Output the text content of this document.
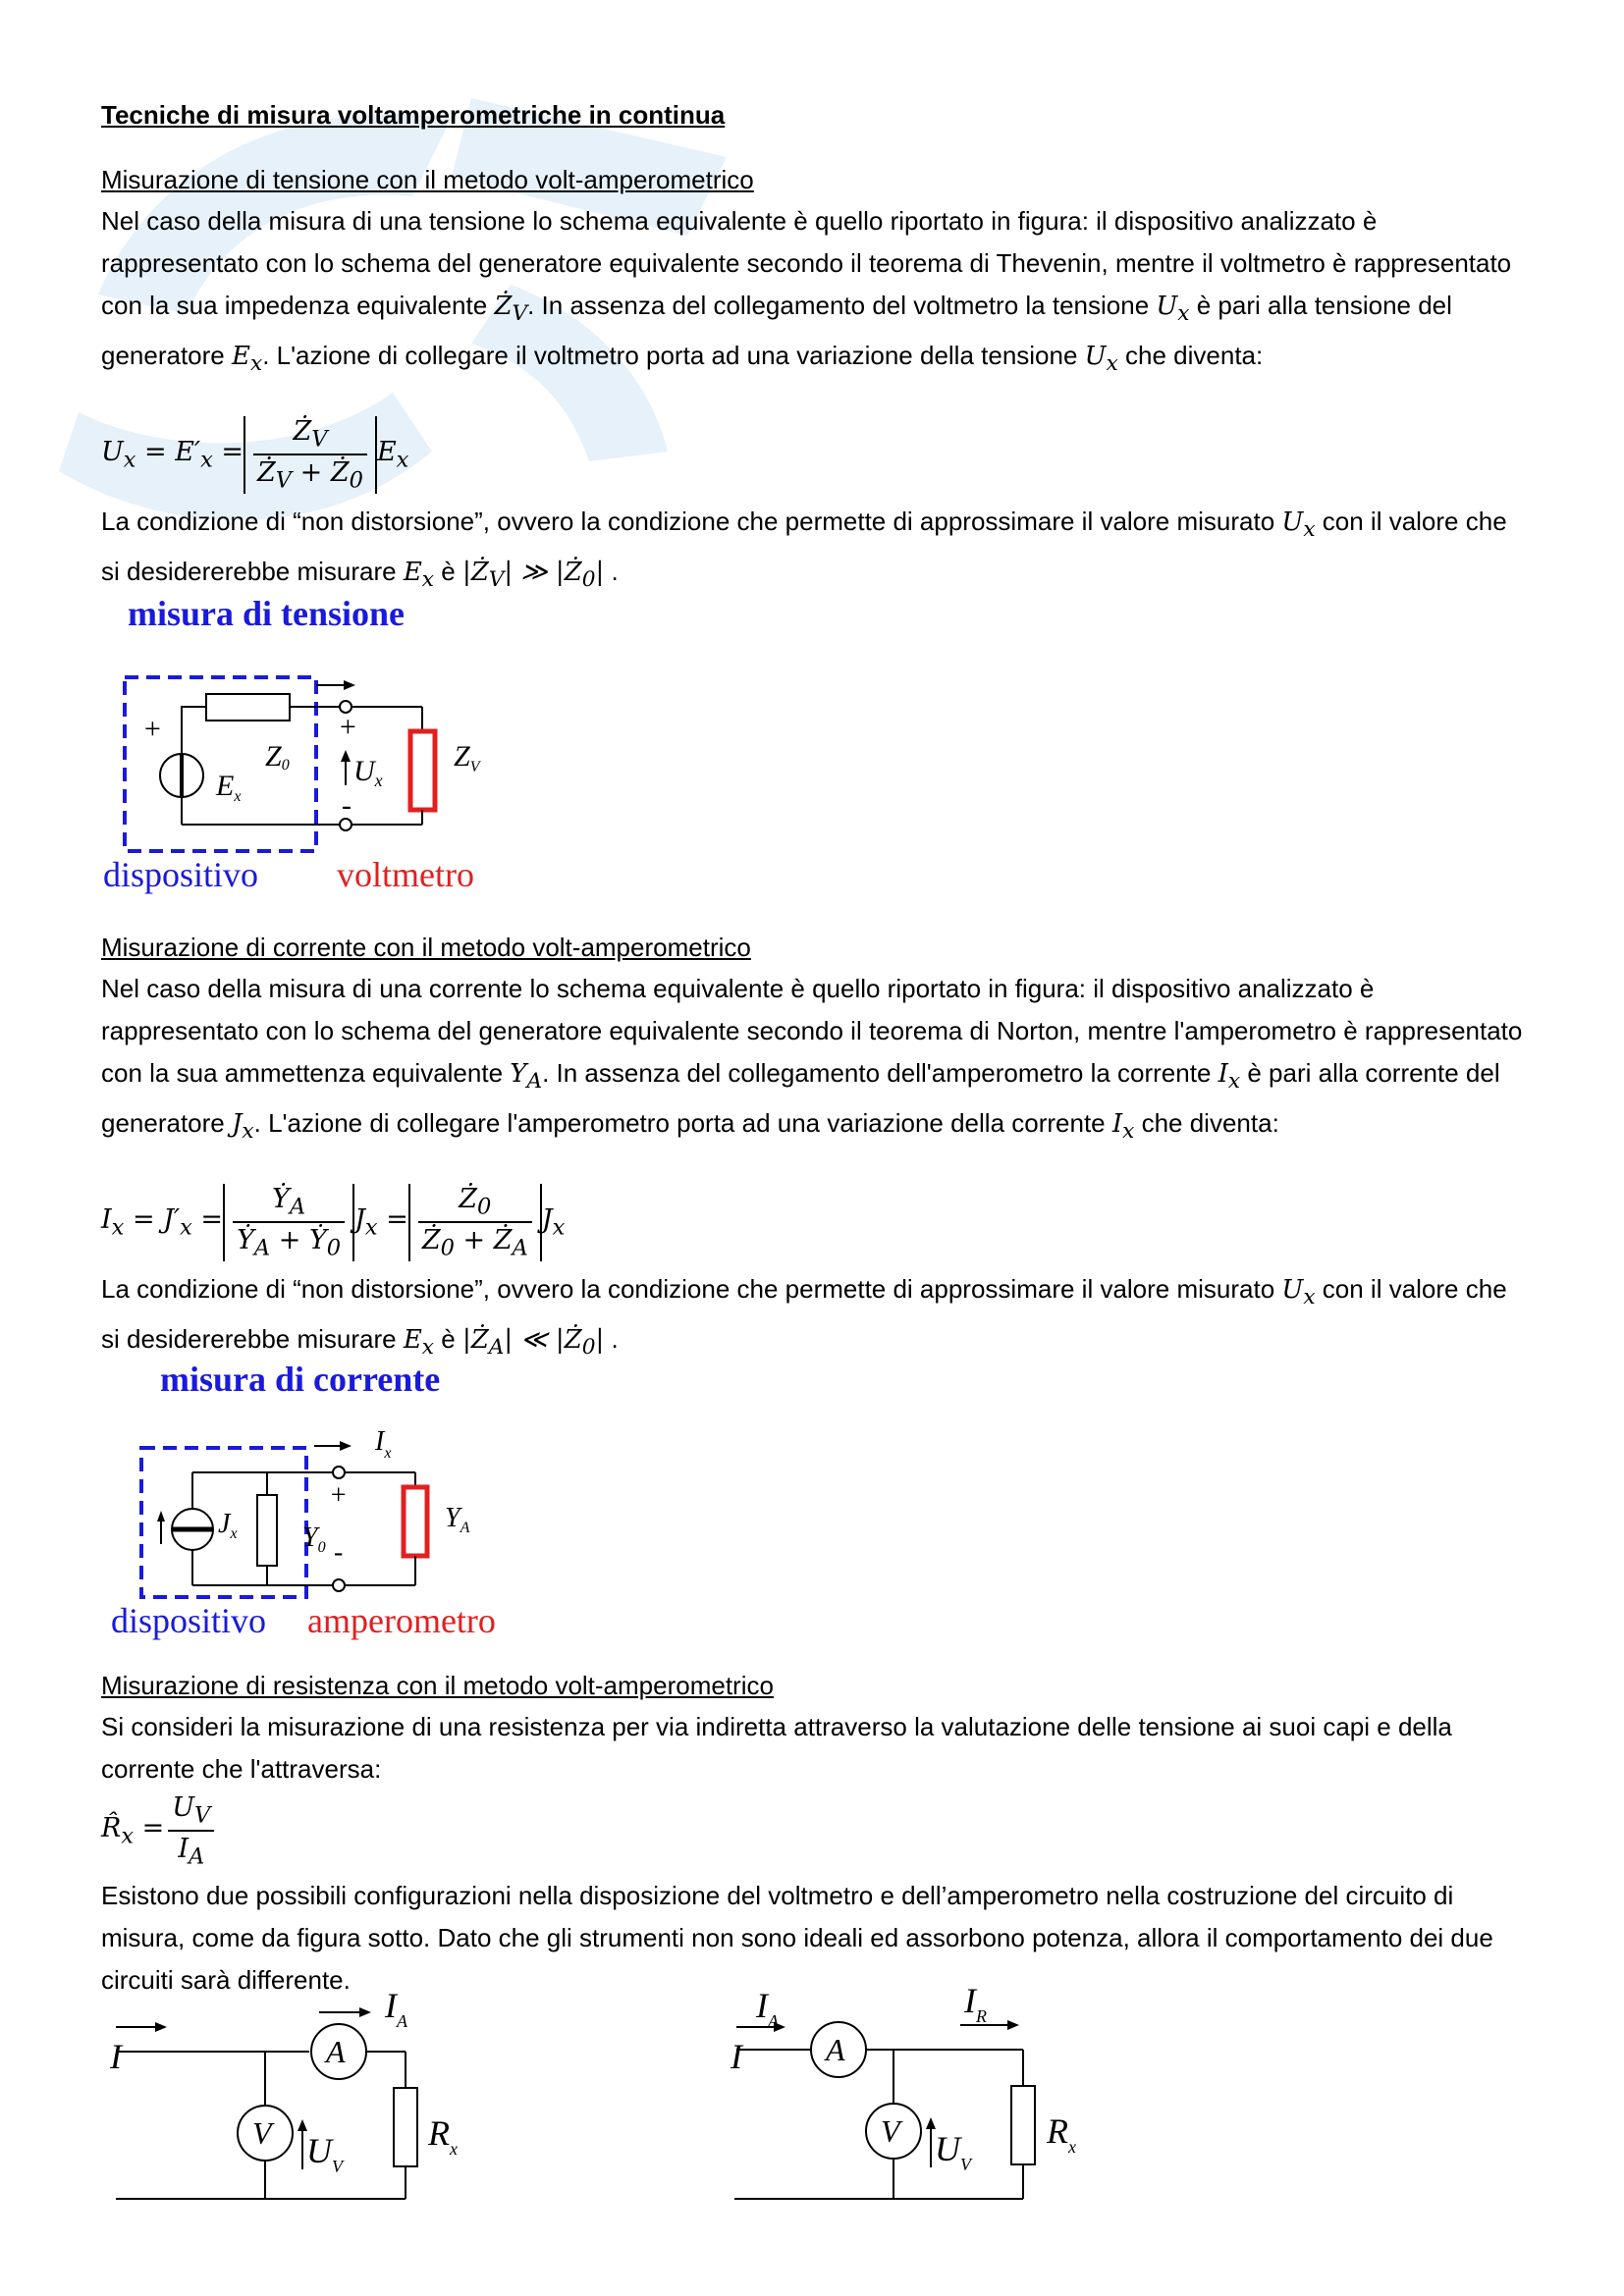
Tecniche di misura voltamperometriche in continua
Misurazione di tensione con il metodo volt-amperometrico
Nel caso della misura di una tensione lo schema equivalente è quello riportato in figura: il dispositivo analizzato è rappresentato con lo schema del generatore equivalente secondo il teorema di Thevenin, mentre il voltmetro è rappresentato con la sua impedenza equivalente $Ż_V$. In assenza del collegamento del voltmetro la tensione $U_x$ è pari alla tensione del generatore $E_x$. L'azione di collegare il voltmetro porta ad una variazione della tensione $U_x$ che diventa:
$U_x = E'_x = \frac{Ż_V}{Ż_V + Ż_0} E_x$
La condizione di “non distorsione”, ovvero la condizione che permette di approssimare il valore misurato $U_x$ con il valore che si desidererebbe misurare $E_x$ è $|Ż_V|$ ≫ $|Ż_0|$ .
misura di tensione
+	+
-
Z0
$E_x$
$U_x$
$Z_V$
dispositivo voltmetro
Misurazione di corrente con il metodo volt-amperometrico
Nel caso della misura di una corrente lo schema equivalente è quello riportato in figura: il dispositivo analizzato è rappresentato con lo schema del generatore equivalente secondo il teorema di Norton, mentre l'amperometro è rappresentato con la sua ammettenza equivalente $Y_A$. In assenza del collegamento dell'amperometro la corrente $I_x$ è pari alla corrente del generatore $J_x$. L'azione di collegare l'amperometro porta ad una variazione della corrente $I_x$ che diventa:
$I_x = J'_x = \frac{Ẏ_A}{Ẏ_A + Ẏ_0} J_x = \frac{Ż_0}{Ż_0 + Ż_A} J_x$
La condizione di “non distorsione”, ovvero la condizione che permette di approssimare il valore misurato $U_x$ con il valore che si desidererebbe misurare $E_x$ è $|Ż_A|$ ≪ $|Ż_0|$ .
misura di corrente
+
-
$I_x$
$J_x$ $Y_0$
$Y_A$
dispositivo amperometro
Misurazione di resistenza con il metodo volt-amperometrico
Si consideri la misurazione di una resistenza per via indiretta attraverso la valutazione delle tensione ai suoi capi e della corrente che l'attraversa:
$R̂_x = \frac{U_V}{I_A}$
Esistono due possibili configurazioni nella disposizione del voltmetro e dell’amperometro nella costruzione del circuito di misura, come da figura sotto. Dato che gli strumenti non sono ideali ed assorbono potenza, allora il comportamento dei due circuiti sarà differente.
I	A
$I_A$
V $U_V$
$R_x$
$I_A$
I	A
$I_R$
V $U_V$
$R_x$
